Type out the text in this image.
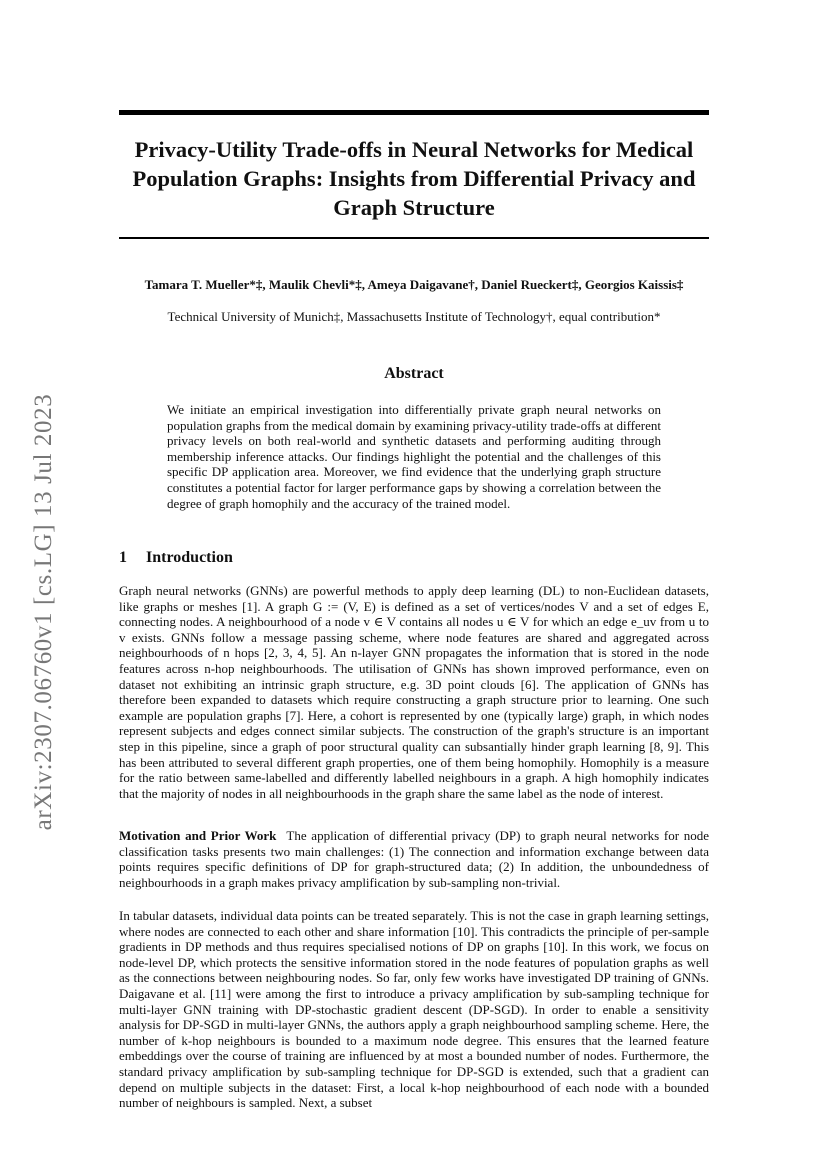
arXiv:2307.06760v1 [cs.LG] 13 Jul 2023
Privacy-Utility Trade-offs in Neural Networks for Medical Population Graphs: Insights from Differential Privacy and Graph Structure
Tamara T. Mueller*‡, Maulik Chevli*‡, Ameya Daigavane†, Daniel Rueckert‡, Georgios Kaissis‡
Technical University of Munich‡, Massachusetts Institute of Technology†, equal contribution*
Abstract
We initiate an empirical investigation into differentially private graph neural networks on population graphs from the medical domain by examining privacy-utility trade-offs at different privacy levels on both real-world and synthetic datasets and performing auditing through membership inference attacks. Our findings highlight the potential and the challenges of this specific DP application area. Moreover, we find evidence that the underlying graph structure constitutes a potential factor for larger performance gaps by showing a correlation between the degree of graph homophily and the accuracy of the trained model.
1 Introduction

Graph neural networks (GNNs) are powerful methods to apply deep learning (DL) to non-Euclidean datasets, like graphs or meshes [1]. A graph G := (V, E) is defined as a set of vertices/nodes V and a set of edges E, connecting nodes. A neighbourhood of a node v ∈ V contains all nodes u ∈ V for which an edge e_uv from u to v exists. GNNs follow a message passing scheme, where node features are shared and aggregated across neighbourhoods of n hops [2, 3, 4, 5]. An n-layer GNN propagates the information that is stored in the node features across n-hop neighbourhoods. The utilisation of GNNs has shown improved performance, even on dataset not exhibiting an intrinsic graph structure, e.g. 3D point clouds [6]. The application of GNNs has therefore been expanded to datasets which require constructing a graph structure prior to learning. One such example are population graphs [7]. Here, a cohort is represented by one (typically large) graph, in which nodes represent subjects and edges connect similar subjects. The construction of the graph's structure is an important step in this pipeline, since a graph of poor structural quality can subsantially hinder graph learning [8, 9]. This has been attributed to several different graph properties, one of them being homophily. Homophily is a measure for the ratio between same-labelled and differently labelled neighbours in a graph. A high homophily indicates that the majority of nodes in all neighbourhoods in the graph share the same label as the node of interest.

Motivation and Prior Work The application of differential privacy (DP) to graph neural networks for node classification tasks presents two main challenges: (1) The connection and information exchange between data points requires specific definitions of DP for graph-structured data; (2) In addition, the unboundedness of neighbourhoods in a graph makes privacy amplification by sub-sampling non-trivial.

In tabular datasets, individual data points can be treated separately. This is not the case in graph learning settings, where nodes are connected to each other and share information [10]. This contradicts the principle of per-sample gradients in DP methods and thus requires specialised notions of DP on graphs [10]. In this work, we focus on node-level DP, which protects the sensitive information stored in the node features of population graphs as well as the connections between neighbouring nodes. So far, only few works have investigated DP training of GNNs. Daigavane et al. [11] were among the first to introduce a privacy amplification by sub-sampling technique for multi-layer GNN training with DP-stochastic gradient descent (DP-SGD). In order to enable a sensitivity analysis for DP-SGD in multi-layer GNNs, the authors apply a graph neighbourhood sampling scheme. Here, the number of k-hop neighbours is bounded to a maximum node degree. This ensures that the learned feature embeddings over the course of training are influenced by at most a bounded number of nodes. Furthermore, the standard privacy amplification by sub-sampling technique for DP-SGD is extended, such that a gradient can depend on multiple subjects in the dataset: First, a local k-hop neighbourhood of each node with a bounded number of neighbours is sampled. Next, a subset
